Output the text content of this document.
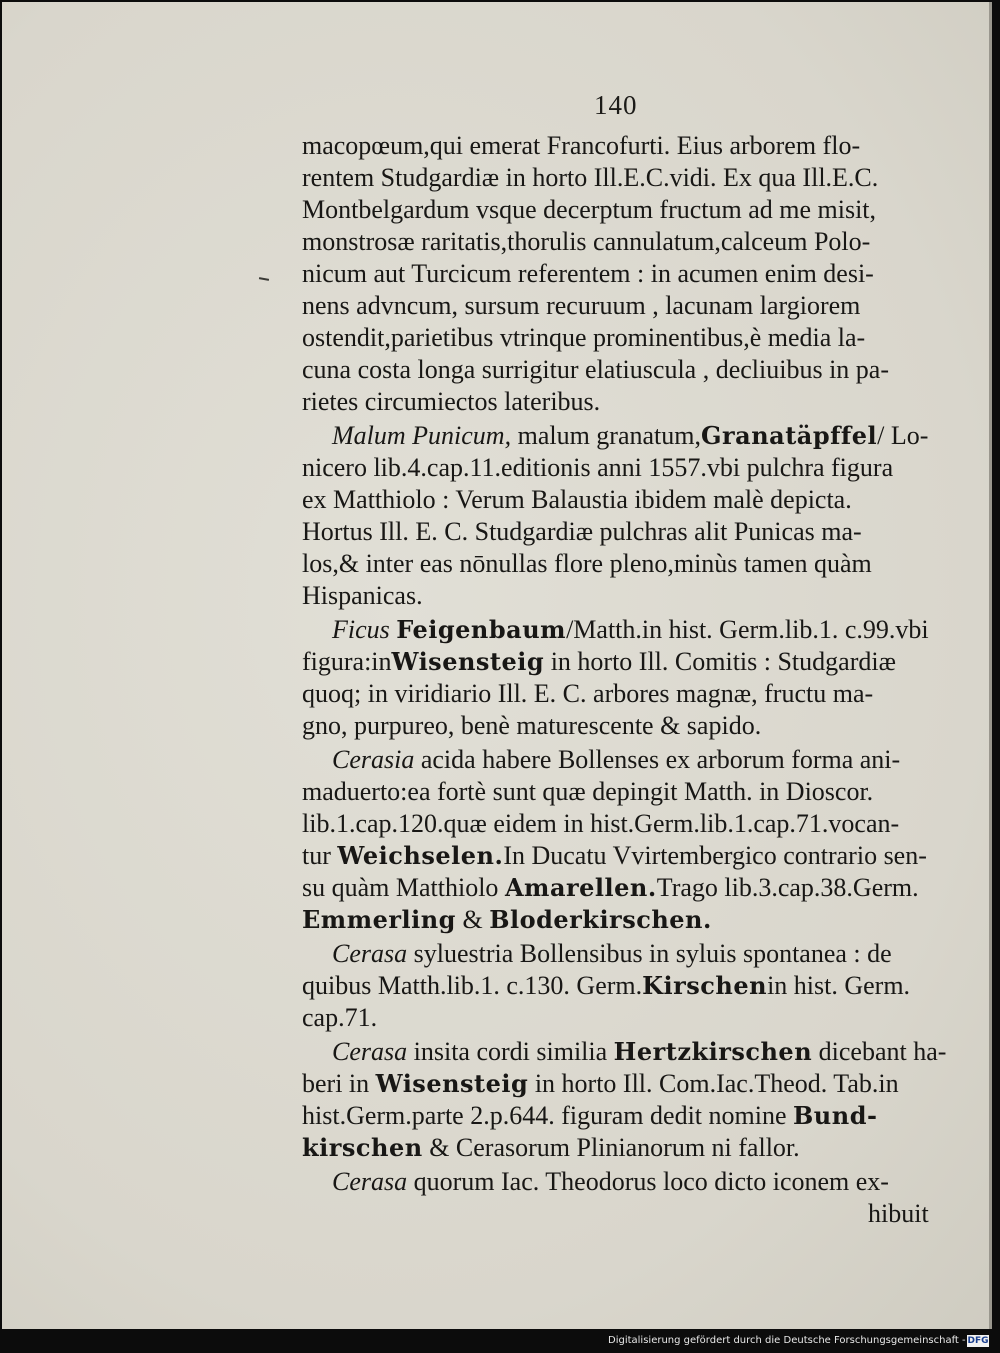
140
macopœum,qui emerat Francofurti. Eius arborem flo-
rentem Studgardiæ in horto Ill.E.C.vidi. Ex qua Ill.E.C.
Montbelgardum vsque decerptum fructum ad me misit,
monstrosæ raritatis,thorulis cannulatum,calceum Polo-
nicum aut Turcicum referentem : in acumen enim desi-
nens advncum, sursum recuruum , lacunam largiorem
ostendit,parietibus vtrinque prominentibus,è media la-
cuna costa longa surrigitur elatiuscula , decliuibus in pa-
rietes circumiectos lateribus.
Malum Punicum, malum granatum,Granatäpffel/ Lo-
nicero lib.4.cap.11.editionis anni 1557.vbi pulchra figura
ex Matthiolo : Verum Balaustia ibidem malè depicta.
Hortus Ill. E. C. Studgardiæ pulchras alit Punicas ma-
los,& inter eas nōnullas flore pleno,minùs tamen quàm
Hispanicas.
Ficus Feigenbaum/Matth.in hist. Germ.lib.1. c.99.vbi
figura:inWisensteig in horto Ill. Comitis : Studgardiæ
quoq; in viridiario Ill. E. C. arbores magnæ, fructu ma-
gno, purpureo, benè maturescente & sapido.
Cerasia acida habere Bollenses ex arborum forma ani-
maduerto:ea fortè sunt quæ depingit Matth. in Dioscor.
lib.1.cap.120.quæ eidem in hist.Germ.lib.1.cap.71.vocan-
tur Weichselen.In Ducatu Vvirtembergico contrario sen-
su quàm Matthiolo Amarellen.Trago lib.3.cap.38.Germ.
Emmerling & Bloderkirschen.
Cerasa syluestria Bollensibus in syluis spontanea : de
quibus Matth.lib.1. c.130. Germ.Kirschenin hist. Germ.
cap.71.
Cerasa insita cordi similia Hertzkirschen dicebant ha-
beri in Wisensteig in horto Ill. Com.Iac.Theod. Tab.in
hist.Germ.parte 2.p.644. figuram dedit nomine Bund-
kirschen & Cerasorum Plinianorum ni fallor.
Cerasa quorum Iac. Theodorus loco dicto iconem ex-
hibuit
Digitalisierung gefördert durch die Deutsche Forschungsgemeinschaft - DFG
